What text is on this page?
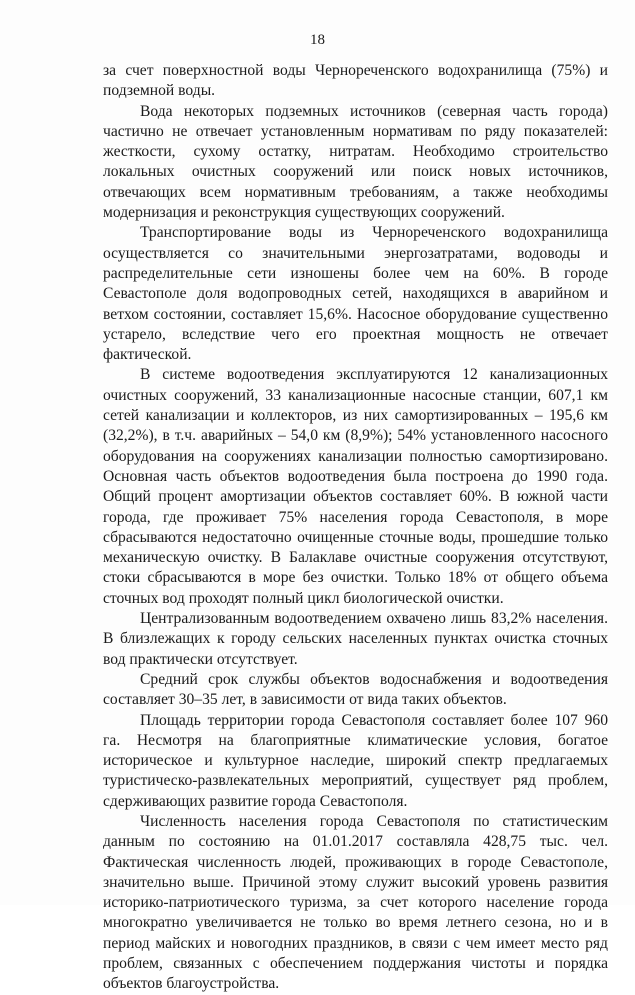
18

за счет поверхностной воды Чернореченского водохранилища (75%) и подземной воды.

Вода некоторых подземных источников (северная часть города) частично не отвечает установленным нормативам по ряду показателей: жесткости, сухому остатку, нитратам. Необходимо строительство локальных очистных сооружений или поиск новых источников, отвечающих всем нормативным требованиям, а также необходимы модернизация и реконструкция существующих сооружений.

Транспортирование воды из Чернореченского водохранилища осуществляется со значительными энергозатратами, водоводы и распределительные сети изношены более чем на 60%. В городе Севастополе доля водопроводных сетей, находящихся в аварийном и ветхом состоянии, составляет 15,6%. Насосное оборудование существенно устарело, вследствие чего его проектная мощность не отвечает фактической.

В системе водоотведения эксплуатируются 12 канализационных очистных сооружений, 33 канализационные насосные станции, 607,1 км сетей канализации и коллекторов, из них самортизированных – 195,6 км (32,2%), в т.ч. аварийных – 54,0 км (8,9%); 54% установленного насосного оборудования на сооружениях канализации полностью самортизировано. Основная часть объектов водоотведения была построена до 1990 года. Общий процент амортизации объектов составляет 60%. В южной части города, где проживает 75% населения города Севастополя, в море сбрасываются недостаточно очищенные сточные воды, прошедшие только механическую очистку. В Балаклаве очистные сооружения отсутствуют, стоки сбрасываются в море без очистки. Только 18% от общего объема сточных вод проходят полный цикл биологической очистки.

Централизованным водоотведением охвачено лишь 83,2% населения. В близлежащих к городу сельских населенных пунктах очистка сточных вод практически отсутствует.

Средний срок службы объектов водоснабжения и водоотведения составляет 30–35 лет, в зависимости от вида таких объектов.

Площадь территории города Севастополя составляет более 107 960 га. Несмотря на благоприятные климатические условия, богатое историческое и культурное наследие, широкий спектр предлагаемых туристическо-развлекательных мероприятий, существует ряд проблем, сдерживающих развитие города Севастополя.

Численность населения города Севастополя по статистическим данным по состоянию на 01.01.2017 составляла 428,75 тыс. чел. Фактическая численность людей, проживающих в городе Севастополе, значительно выше. Причиной этому служит высокий уровень развития историко-патриотического туризма, за счет которого население города многократно увеличивается не только во время летнего сезона, но и в период майских и новогодних праздников, в связи с чем имеет место ряд проблем, связанных с обеспечением поддержания чистоты и порядка объектов благоустройства.
